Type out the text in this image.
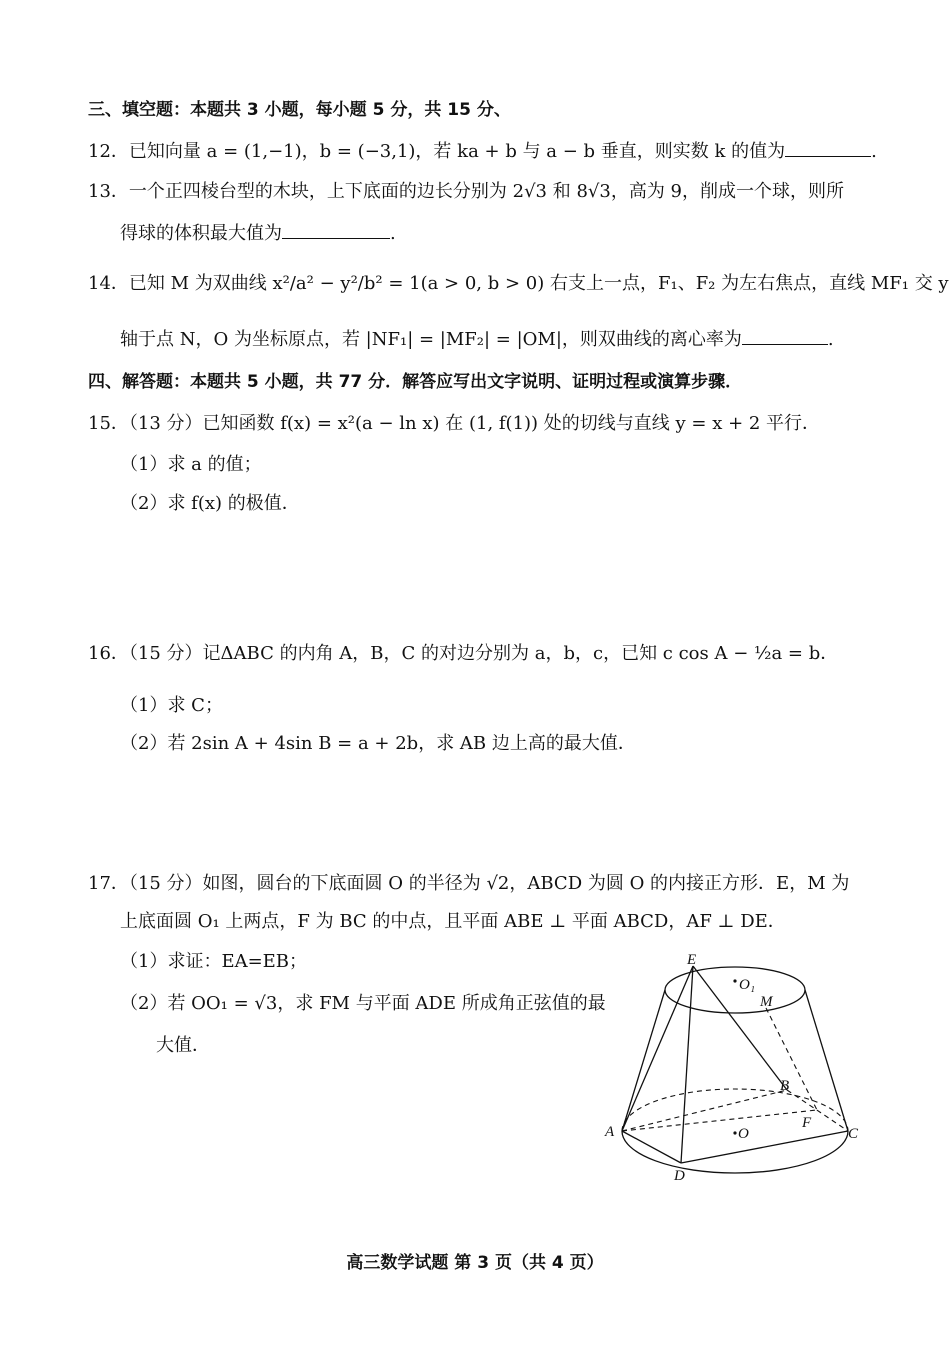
三、填空题：本题共 3 小题，每小题 5 分，共 15 分、
12．已知向量 a = (1,−1)，b = (−3,1)，若 ka + b 与 a − b 垂直，则实数 k 的值为	.
13．一个正四棱台型的木块，上下底面的边长分别为 2√3 和 8√3，高为 9，削成一个球，则所
得球的体积最大值为	.
14．已知 M 为双曲线 x²/a² − y²/b² = 1(a > 0, b > 0) 右支上一点，F₁、F₂ 为左右焦点，直线 MF₁ 交 y
轴于点 N，O 为坐标原点，若 |NF₁| = |MF₂| = |OM|，则双曲线的离心率为	.
四、解答题：本题共 5 小题，共 77 分．解答应写出文字说明、证明过程或演算步骤．
15．（13 分）已知函数 f(x) = x²(a − ln x) 在 (1, f(1)) 处的切线与直线 y = x + 2 平行．
（1）求 a 的值；
（2）求 f(x) 的极值．
16．（15 分）记ΔABC 的内角 A，B，C 的对边分别为 a，b，c，已知 c cos A − ½a = b．
（1）求 C；
（2）若 2sin A + 4sin B = a + 2b，求 AB 边上高的最大值．
17．（15 分）如图，圆台的下底面圆 O 的半径为 √2，ABCD 为圆 O 的内接正方形．E，M 为
上底面圆 O₁ 上两点，F 为 BC 的中点，且平面 ABE ⊥ 平面 ABCD，AF ⊥ DE．
（1）求证：EA=EB；
（2）若 OO₁ = √3，求 FM 与平面 ADE 所成角正弦值的最
大值．
E
O₁
M
B
A	O
F
C
D
高三数学试题 第 3 页（共 4 页）
